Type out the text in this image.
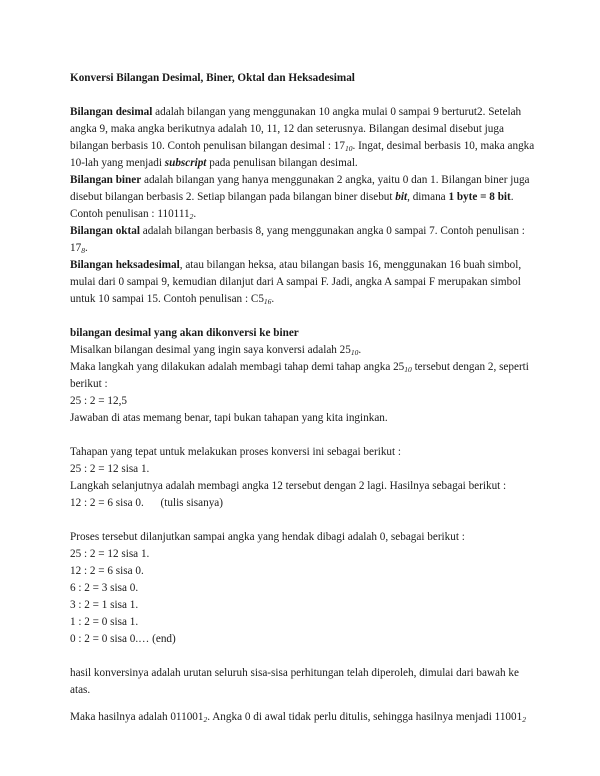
Konversi Bilangan Desimal, Biner, Oktal dan Heksadesimal

Bilangan desimal adalah bilangan yang menggunakan 10 angka mulai 0 sampai 9 berturut2. Setelah angka 9, maka angka berikutnya adalah 10, 11, 12 dan seterusnya. Bilangan desimal disebut juga bilangan berbasis 10. Contoh penulisan bilangan desimal : $17_{10}$. Ingat, desimal berbasis 10, maka angka 10-lah yang menjadi subscript pada penulisan bilangan desimal.

Bilangan biner adalah bilangan yang hanya menggunakan 2 angka, yaitu 0 dan 1. Bilangan biner juga disebut bilangan berbasis 2. Setiap bilangan pada bilangan biner disebut bit, dimana 1 byte = 8 bit. Contoh penulisan : $110111_2$.

Bilangan oktal adalah bilangan berbasis 8, yang menggunakan angka 0 sampai 7. Contoh penulisan : $17_8$.

Bilangan heksadesimal, atau bilangan heksa, atau bilangan basis 16, menggunakan 16 buah simbol, mulai dari 0 sampai 9, kemudian dilanjut dari A sampai F. Jadi, angka A sampai F merupakan simbol untuk 10 sampai 15. Contoh penulisan : $C5_{16}$.

bilangan desimal yang akan dikonversi ke biner

Misalkan bilangan desimal yang ingin saya konversi adalah $25_{10}$.

Maka langkah yang dilakukan adalah membagi tahap demi tahap angka $25_{10}$ tersebut dengan 2, seperti berikut :

25 : 2 = 12,5

Jawaban di atas memang benar, tapi bukan tahapan yang kita inginkan.

Tahapan yang tepat untuk melakukan proses konversi ini sebagai berikut :

25 : 2 = 12 sisa 1.

Langkah selanjutnya adalah membagi angka 12 tersebut dengan 2 lagi. Hasilnya sebagai berikut :

12 : 2 = 6 sisa 0. (tulis sisanya)

Proses tersebut dilanjutkan sampai angka yang hendak dibagi adalah 0, sebagai berikut :

25 : 2 = 12 sisa 1.

12 : 2 = 6 sisa 0.

6 : 2 = 3 sisa 0.

3 : 2 = 1 sisa 1.

1 : 2 = 0 sisa 1.

0 : 2 = 0 sisa 0.… (end)

hasil konversinya adalah urutan seluruh sisa-sisa perhitungan telah diperoleh, dimulai dari bawah ke atas.

Maka hasilnya adalah $011001_2$. Angka 0 di awal tidak perlu ditulis, sehingga hasilnya menjadi $11001_2$
